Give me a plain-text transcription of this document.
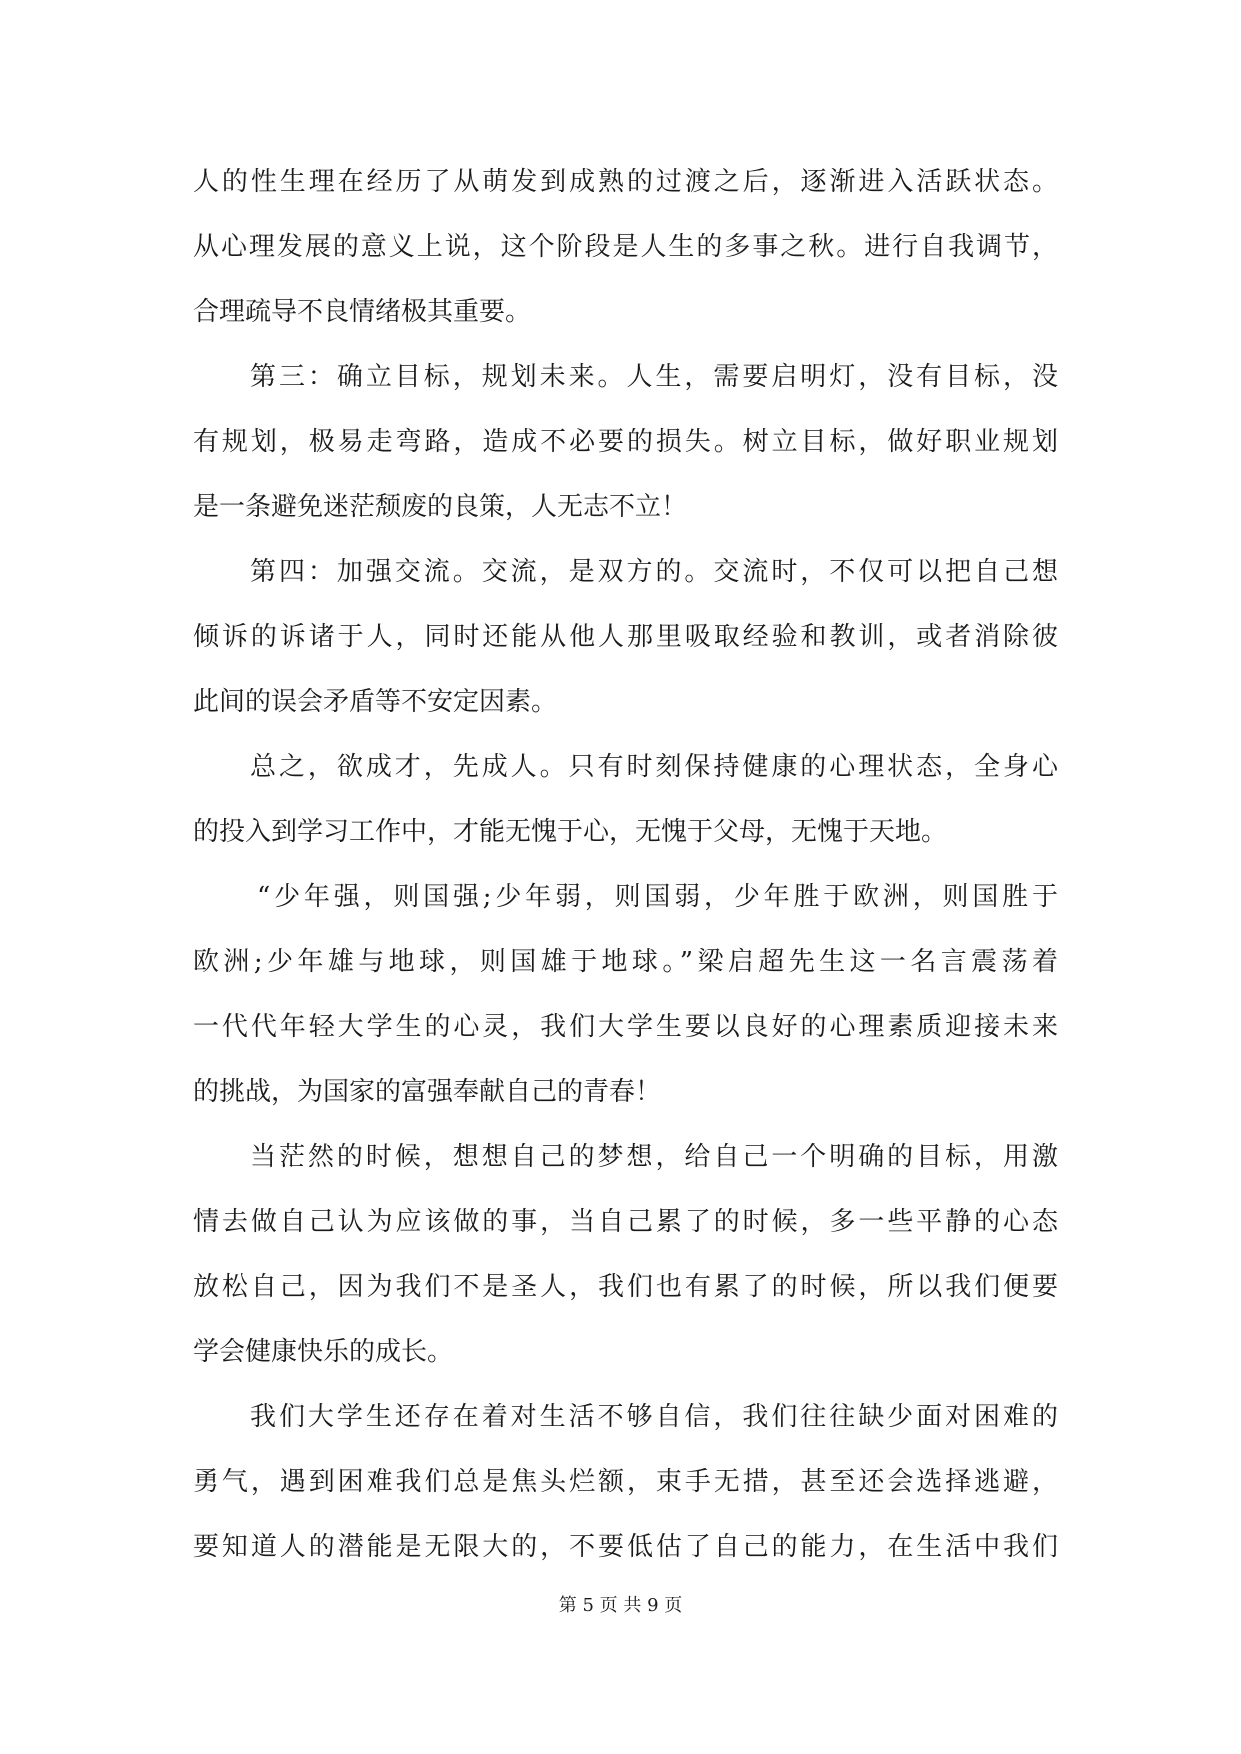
人的性生理在经历了从萌发到成熟的过渡之后，逐渐进入活跃状态。
从心理发展的意义上说，这个阶段是人生的多事之秋。进行自我调节，
合理疏导不良情绪极其重要。
第三：确立目标，规划未来。人生，需要启明灯，没有目标，没
有规划，极易走弯路，造成不必要的损失。树立目标，做好职业规划
是一条避免迷茫颓废的良策，人无志不立！
第四：加强交流。交流，是双方的。交流时，不仅可以把自己想
倾诉的诉诸于人，同时还能从他人那里吸取经验和教训，或者消除彼
此间的误会矛盾等不安定因素。
总之，欲成才，先成人。只有时刻保持健康的心理状态，全身心
的投入到学习工作中，才能无愧于心，无愧于父母，无愧于天地。
“少年强，则国强;少年弱，则国弱，少年胜于欧洲，则国胜于
欧洲;少年雄与地球，则国雄于地球。”梁启超先生这一名言震荡着
一代代年轻大学生的心灵，我们大学生要以良好的心理素质迎接未来
的挑战，为国家的富强奉献自己的青春！
当茫然的时候，想想自己的梦想，给自己一个明确的目标，用激
情去做自己认为应该做的事，当自己累了的时候，多一些平静的心态
放松自己，因为我们不是圣人，我们也有累了的时候，所以我们便要
学会健康快乐的成长。
我们大学生还存在着对生活不够自信，我们往往缺少面对困难的
勇气，遇到困难我们总是焦头烂额，束手无措，甚至还会选择逃避，
要知道人的潜能是无限大的，不要低估了自己的能力，在生活中我们
第 5 页 共 9 页
